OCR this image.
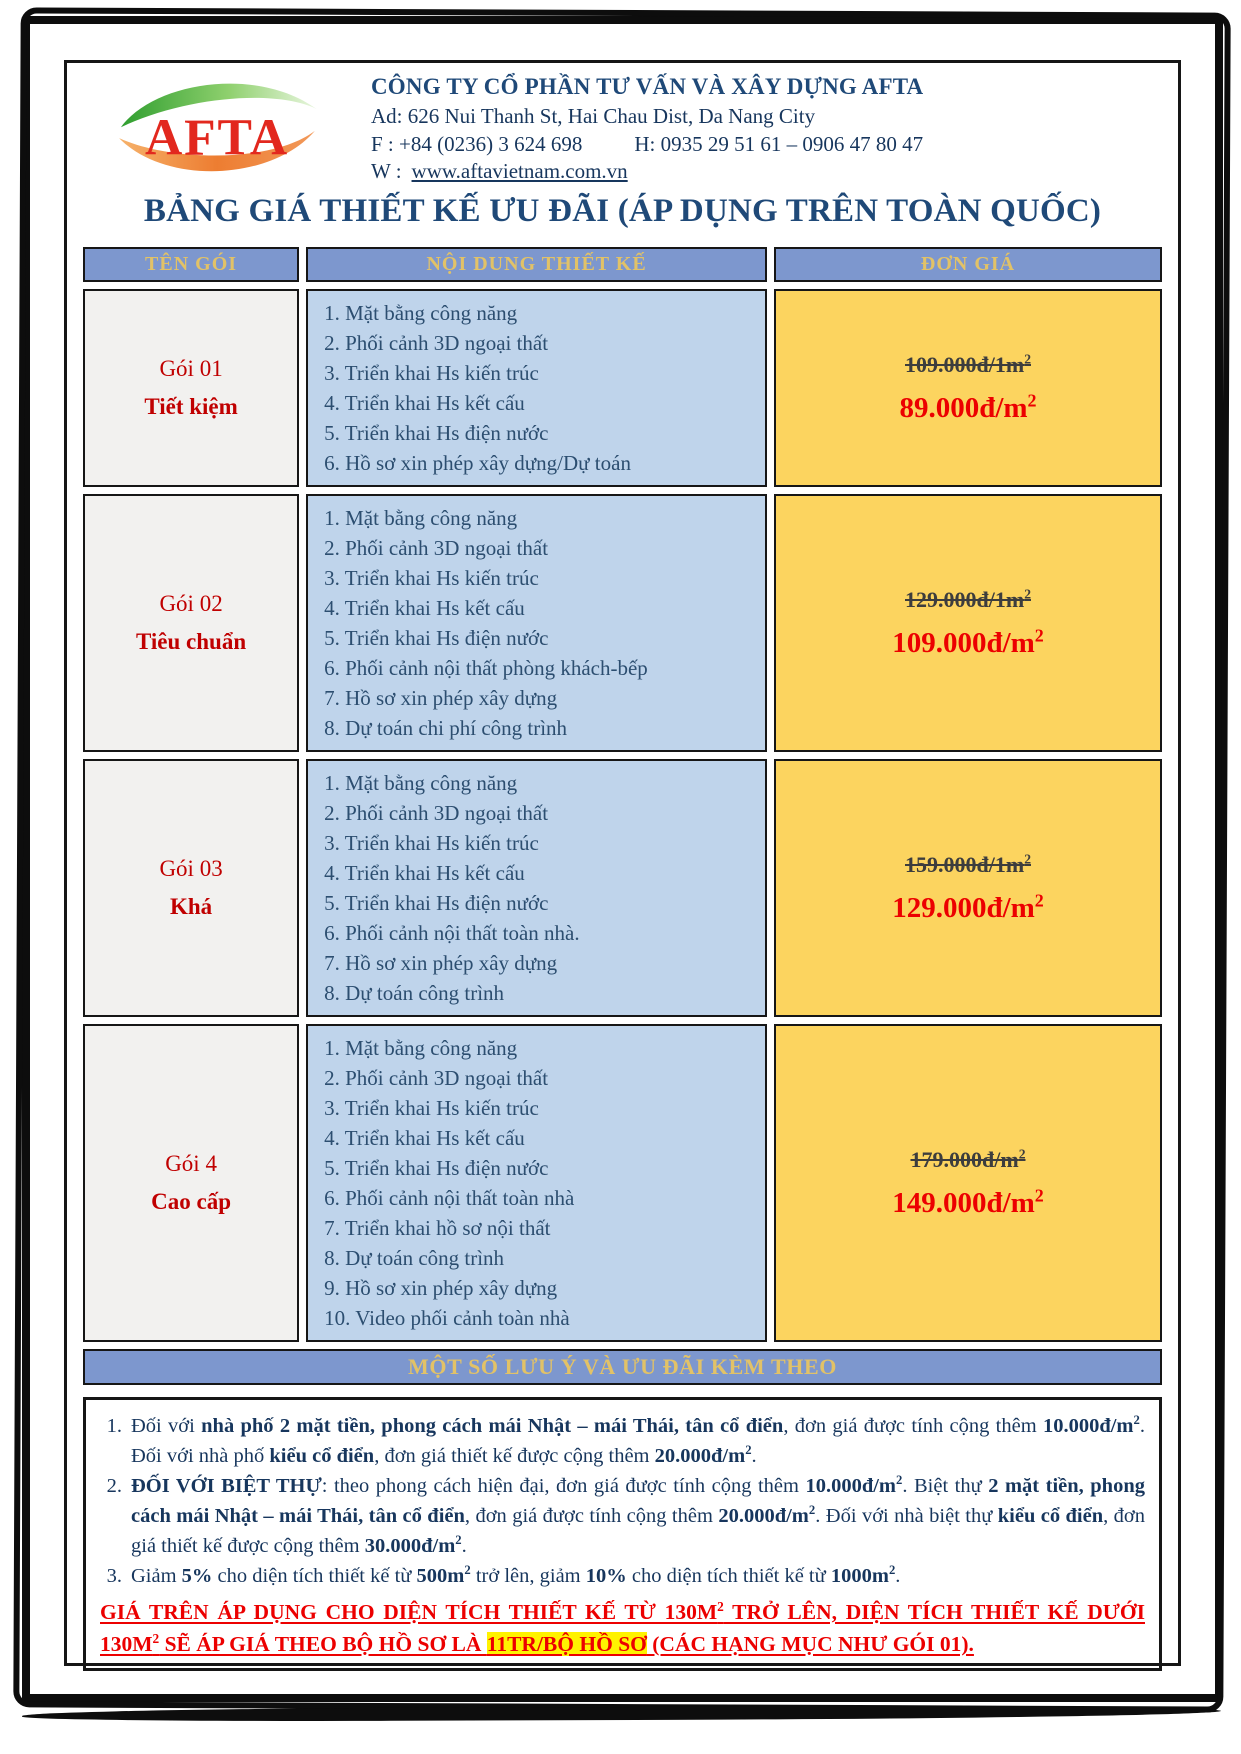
AFTA
CÔNG TY CỔ PHẦN TƯ VẤN VÀ XÂY DỰNG AFTA
Ad: 626 Nui Thanh St, Hai Chau Dist, Da Nang City
F : +84 (0236) 3 624 698 H: 0935 29 51 61 – 0906 47 80 47
W : www.aftavietnam.com.vn
BẢNG GIÁ THIẾT KẾ ƯU ĐÃI (ÁP DỤNG TRÊN TOÀN QUỐC)
TÊN GÓI	NỘI DUNG THIẾT KẾ	ĐƠN GIÁ

Gói 01
Tiết kiệm

1. Mặt bằng công năng
2. Phối cảnh 3D ngoại thất
3. Triển khai Hs kiến trúc
4. Triển khai Hs kết cấu
5. Triển khai Hs điện nước
6. Hồ sơ xin phép xây dựng/Dự toán

$109.000đ/1m^2$
$89.000đ/m^2$

Gói 02
Tiêu chuẩn

1. Mặt bằng công năng
2. Phối cảnh 3D ngoại thất
3. Triển khai Hs kiến trúc
4. Triển khai Hs kết cấu
5. Triển khai Hs điện nước
6. Phối cảnh nội thất phòng khách-bếp
7. Hồ sơ xin phép xây dựng
8. Dự toán chi phí công trình

$129.000đ/1m^2$
$109.000đ/m^2$

Gói 03
Khá

1. Mặt bằng công năng
2. Phối cảnh 3D ngoại thất
3. Triển khai Hs kiến trúc
4. Triển khai Hs kết cấu
5. Triển khai Hs điện nước
6. Phối cảnh nội thất toàn nhà.
7. Hồ sơ xin phép xây dựng
8. Dự toán công trình

$159.000đ/1m^2$
$129.000đ/m^2$

Gói 4
Cao cấp

1. Mặt bằng công năng
2. Phối cảnh 3D ngoại thất
3. Triển khai Hs kiến trúc
4. Triển khai Hs kết cấu
5. Triển khai Hs điện nước
6. Phối cảnh nội thất toàn nhà
7. Triển khai hồ sơ nội thất
8. Dự toán công trình
9. Hồ sơ xin phép xây dựng
10. Video phối cảnh toàn nhà

$179.000đ/m^2$
$149.000đ/m^2$
MỘT SỐ LƯU Ý VÀ ƯU ĐÃI KÈM THEO
1. Đối với nhà phố 2 mặt tiền, phong cách mái Nhật – mái Thái, tân cổ điển, đơn giá được tính cộng thêm $10.000đ/m^2$. Đối với nhà phố kiểu cổ điển, đơn giá thiết kế được cộng thêm $20.000đ/m^2$.
2. ĐỐI VỚI BIỆT THỰ: theo phong cách hiện đại, đơn giá được tính cộng thêm $10.000đ/m^2$. Biệt thự 2 mặt tiền, phong cách mái Nhật – mái Thái, tân cổ điển, đơn giá được tính cộng thêm $20.000đ/m^2$. Đối với nhà biệt thự kiểu cổ điển, đơn giá thiết kế được cộng thêm $30.000đ/m^2$.
3. Giảm 5% cho diện tích thiết kế từ $500m^2$ trở lên, giảm 10% cho diện tích thiết kế từ $1000m^2$.
GIÁ TRÊN ÁP DỤNG CHO DIỆN TÍCH THIẾT KẾ TỪ $130M^2$ TRỞ LÊN, DIỆN TÍCH THIẾT KẾ DƯỚI $130M^2$ SẼ ÁP GIÁ THEO BỘ HỒ SƠ LÀ 11TR/BỘ HỒ SƠ (CÁC HẠNG MỤC NHƯ GÓI 01).
